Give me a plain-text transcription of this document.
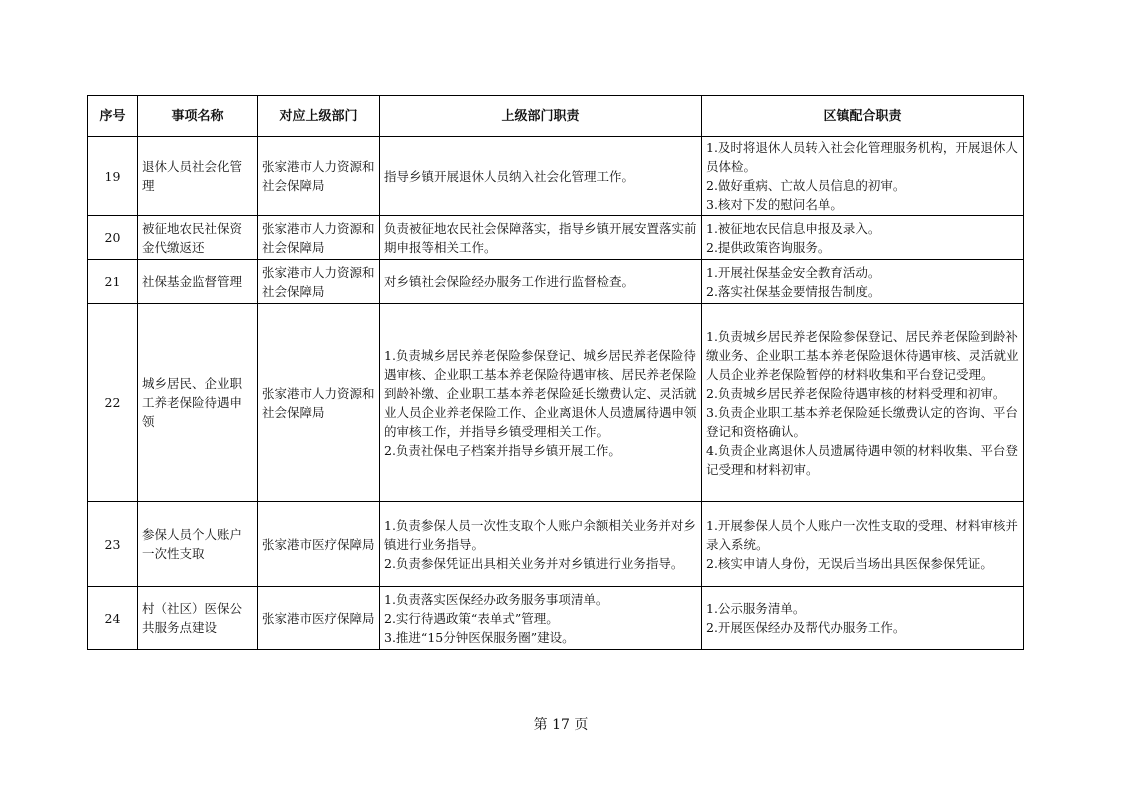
序号	事项名称	对应上级部门	上级部门职责	区镇配合职责
19	退休人员社会化管理	张家港市人力资源和社会保障局	指导乡镇开展退休人员纳入社会化管理工作。	1.及时将退休人员转入社会化管理服务机构，开展退休人员体检。
2.做好重病、亡故人员信息的初审。
3.核对下发的慰问名单。

20	被征地农民社保资金代缴返还	张家港市人力资源和社会保障局	负责被征地农民社会保障落实，指导乡镇开展安置落实前期申报等相关工作。	1.被征地农民信息申报及录入。
2.提供政策咨询服务。

21	社保基金监督管理	张家港市人力资源和社会保障局	对乡镇社会保险经办服务工作进行监督检查。	1.开展社保基金安全教育活动。
2.落实社保基金要情报告制度。

22	城乡居民、企业职工养老保险待遇申领	张家港市人力资源和社会保障局	1.负责城乡居民养老保险参保登记、城乡居民养老保险待遇审核、企业职工基本养老保险待遇审核、居民养老保险到龄补缴、企业职工基本养老保险延长缴费认定、灵活就业人员企业养老保险工作、企业离退休人员遗属待遇申领的审核工作，并指导乡镇受理相关工作。
2.负责社保电子档案并指导乡镇开展工作。	1.负责城乡居民养老保险参保登记、居民养老保险到龄补缴业务、企业职工基本养老保险退休待遇审核、灵活就业人员企业养老保险暂停的材料收集和平台登记受理。
2.负责城乡居民养老保险待遇审核的材料受理和初审。
3.负责企业职工基本养老保险延长缴费认定的咨询、平台登记和资格确认。
4.负责企业离退休人员遗属待遇申领的材料收集、平台登记受理和材料初审。

23	参保人员个人账户一次性支取	张家港市医疗保障局	1.负责参保人员一次性支取个人账户余额相关业务并对乡镇进行业务指导。
2.负责参保凭证出具相关业务并对乡镇进行业务指导。	1.开展参保人员个人账户一次性支取的受理、材料审核并录入系统。
2.核实申请人身份，无误后当场出具医保参保凭证。

24	村（社区）医保公共服务点建设	张家港市医疗保障局	1.负责落实医保经办政务服务事项清单。
2.实行待遇政策“表单式”管理。
3.推进“15分钟医保服务圈”建设。	1.公示服务清单。
2.开展医保经办及帮代办服务工作。
第 17 页
